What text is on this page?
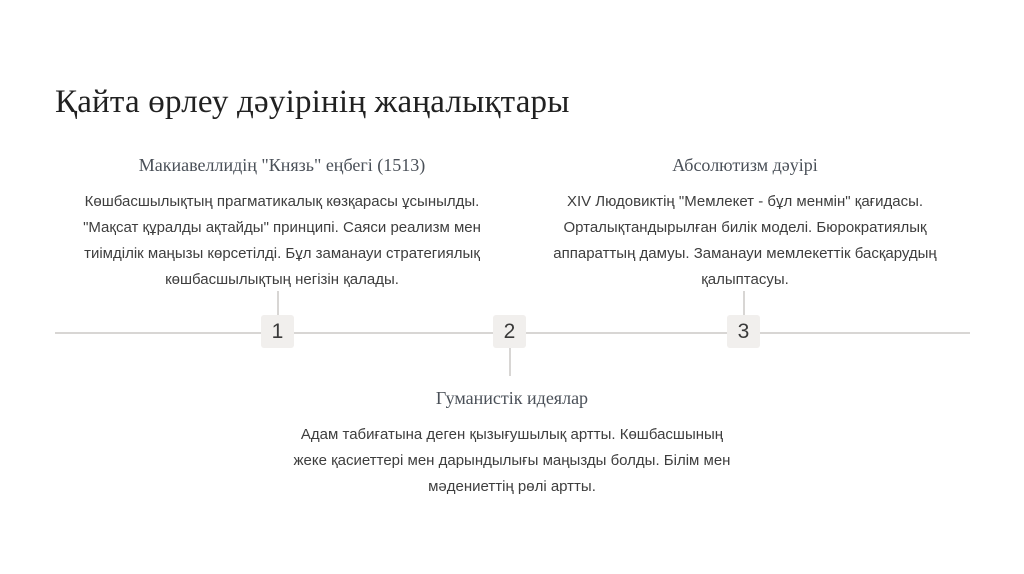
Қайта өрлеу дәуірінің жаңалықтары
Макиавеллидің "Князь" еңбегі (1513)
Көшбасшылықтың прагматикалық көзқарасы ұсынылды. "Мақсат құралды ақтайды" принципі. Саяси реализм мен тиімділік маңызы көрсетілді. Бұл заманауи стратегиялық көшбасшылықтың негізін қалады.
1	2
Гуманистік идеялар
Адам табиғатына деген қызығушылық артты. Көшбасшының жеке қасиеттері мен дарындылығы маңызды болды. Білім мен мәдениеттің рөлі артты.
Абсолютизм дәуірі
XIV Людовиктің "Мемлекет - бұл менмін" қағидасы. Орталықтандырылған билік моделі. Бюрократиялық аппараттың дамуы. Заманауи мемлекеттік басқарудың қалыптасуы.
3
